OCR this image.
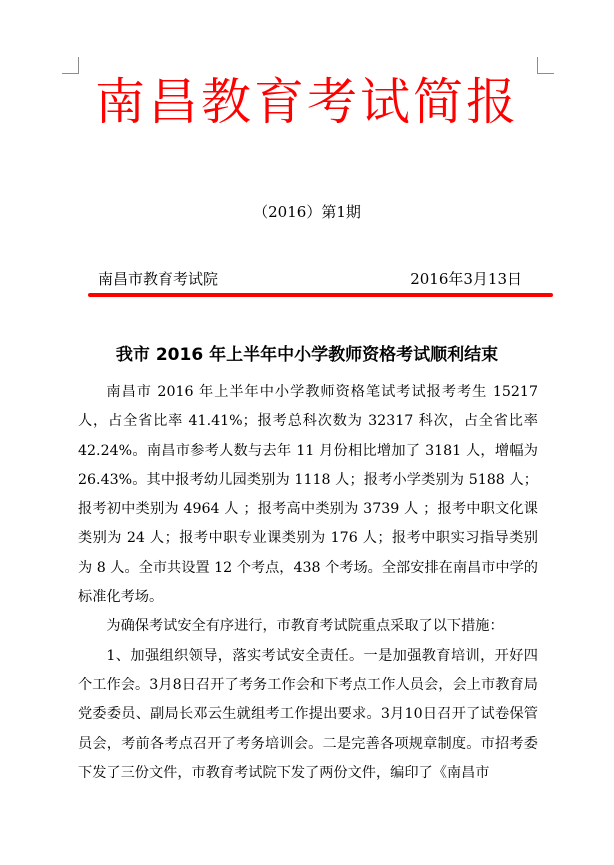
南昌教育考试简报
（2016）第1期
南昌市教育考试院	2016年3月13日
我市 2016 年上半年中小学教师资格考试顺利结束

南昌市 2016 年上半年中小学教师资格笔试考试报考考生 15217 人，占全省比率 41.41%；报考总科次数为 32317 科次，占全省比率 42.24%。南昌市参考人数与去年 11 月份相比增加了 3181 人，增幅为 26.43%。其中报考幼儿园类别为 1118 人；报考小学类别为 5188 人；报考初中类别为 4964 人 ；报考高中类别为 3739 人 ；报考中职文化课类别为 24 人；报考中职专业课类别为 176 人；报考中职实习指导类别为 8 人。全市共设置 12 个考点，438 个考场。全部安排在南昌市中学的标准化考场。

为确保考试安全有序进行，市教育考试院重点采取了以下措施：

1、加强组织领导，落实考试安全责任。一是加强教育培训，开好四个工作会。3月8日召开了考务工作会和下考点工作人员会，会上市教育局党委委员、副局长邓云生就组考工作提出要求。3月10日召开了试卷保管员会，考前各考点召开了考务培训会。二是完善各项规章制度。市招考委下发了三份文件，市教育考试院下发了两份文件，编印了《南昌市
